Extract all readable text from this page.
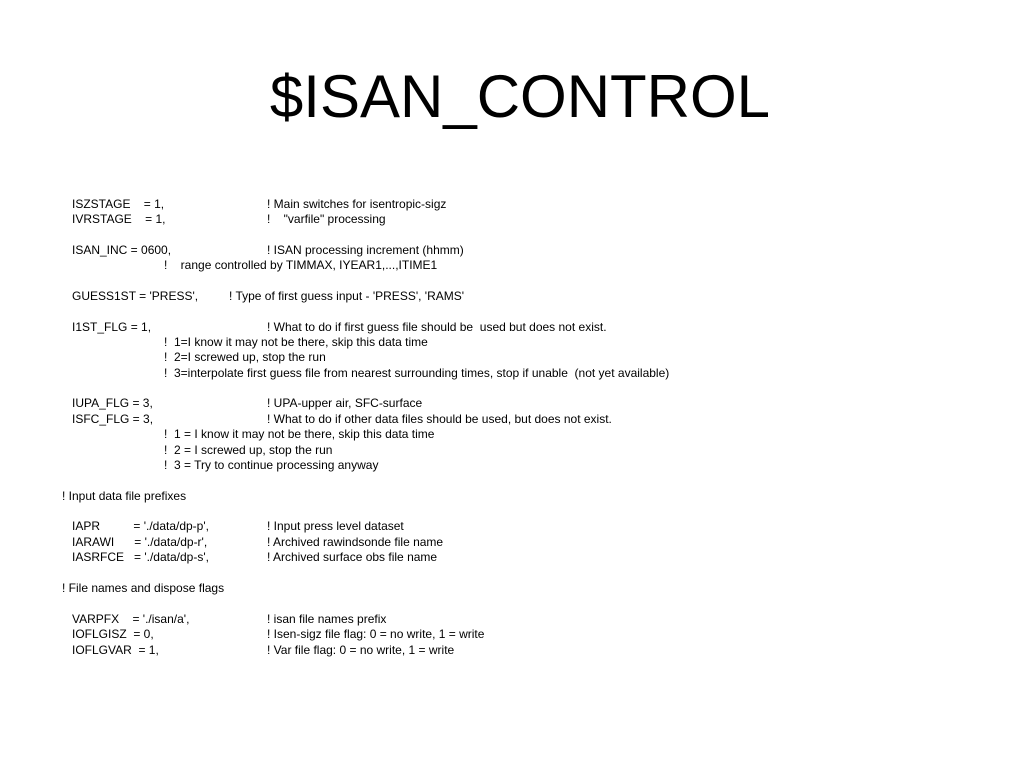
$ISAN_CONTROL
ISZSTAGE    = 1,	! Main switches for isentropic-sigz
IVRSTAGE    = 1,	!    "varfile" processing
ISAN_INC = 0600,	! ISAN processing increment (hhmm)
!    range controlled by TIMMAX, IYEAR1,...,ITIME1
GUESS1ST = 'PRESS',	! Type of first guess input - 'PRESS', 'RAMS'
I1ST_FLG = 1,	! What to do if first guess file should be  used but does not exist.
!  1=I know it may not be there, skip this data time
!  2=I screwed up, stop the run
!  3=interpolate first guess file from nearest surrounding times, stop if unable  (not yet available)
IUPA_FLG = 3,	! UPA-upper air, SFC-surface
ISFC_FLG = 3,	! What to do if other data files should be used, but does not exist.
!  1 = I know it may not be there, skip this data time
!  2 = I screwed up, stop the run
!  3 = Try to continue processing anyway
! Input data file prefixes
IAPR          = './data/dp-p',	! Input press level dataset
IARAWI      = './data/dp-r',	! Archived rawindsonde file name
IASRFCE   = './data/dp-s',	! Archived surface obs file name
! File names and dispose flags
VARPFX    = './isan/a',	! isan file names prefix
IOFLGISZ  = 0,	! Isen-sigz file flag: 0 = no write, 1 = write
IOFLGVAR  = 1,	! Var file flag: 0 = no write, 1 = write
